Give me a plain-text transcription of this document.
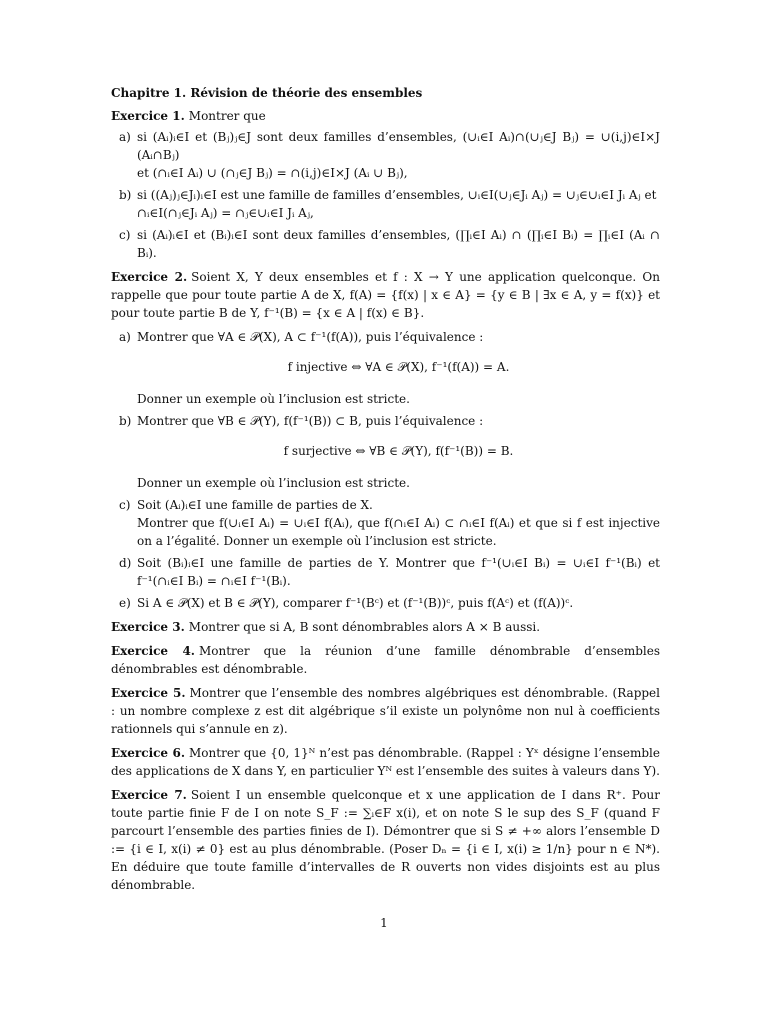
Chapitre 1. Révision de théorie des ensembles

Exercice 1. Montrer que

a) si (Aᵢ)ᵢ∈I et (Bⱼ)ⱼ∈J sont deux familles d’ensembles, (∪ᵢ∈I Aᵢ)∩(∪ⱼ∈J Bⱼ) = ∪(i,j)∈I×J (Aᵢ∩Bⱼ)
et (∩ᵢ∈I Aᵢ) ∪ (∩ⱼ∈J Bⱼ) = ∩(i,j)∈I×J (Aᵢ ∪ Bⱼ),
b) si ((Aⱼ)ⱼ∈Jᵢ)ᵢ∈I est une famille de familles d’ensembles, ∪ᵢ∈I(∪ⱼ∈Jᵢ Aⱼ) = ∪ⱼ∈∪ᵢ∈I Jᵢ Aⱼ et
∩ᵢ∈I(∩ⱼ∈Jᵢ Aⱼ) = ∩ⱼ∈∪ᵢ∈I Jᵢ Aⱼ,
c) si (Aᵢ)ᵢ∈I et (Bᵢ)ᵢ∈I sont deux familles d’ensembles, (∏ᵢ∈I Aᵢ) ∩ (∏ᵢ∈I Bᵢ) = ∏ᵢ∈I (Aᵢ ∩ Bᵢ).

Exercice 2. Soient X, Y deux ensembles et f : X → Y une application quelconque. On rappelle que pour toute partie A de X, f(A) = {f(x) | x ∈ A} = {y ∈ B | ∃x ∈ A, y = f(x)} et pour toute partie B de Y, f⁻¹(B) = {x ∈ A | f(x) ∈ B}.

a) Montrer que ∀A ∈ 𝒫(X), A ⊂ f⁻¹(f(A)), puis l’équivalence :

f injective ⇔ ∀A ∈ 𝒫(X), f⁻¹(f(A)) = A.

Donner un exemple où l’inclusion est stricte.

b) Montrer que ∀B ∈ 𝒫(Y), f(f⁻¹(B)) ⊂ B, puis l’équivalence :

f surjective ⇔ ∀B ∈ 𝒫(Y), f(f⁻¹(B)) = B.

Donner un exemple où l’inclusion est stricte.

c) Soit (Aᵢ)ᵢ∈I une famille de parties de X.

Montrer que f(∪ᵢ∈I Aᵢ) = ∪ᵢ∈I f(Aᵢ), que f(∩ᵢ∈I Aᵢ) ⊂ ∩ᵢ∈I f(Aᵢ) et que si f est injective on a l’égalité. Donner un exemple où l’inclusion est stricte.

d) Soit (Bᵢ)ᵢ∈I une famille de parties de Y. Montrer que f⁻¹(∪ᵢ∈I Bᵢ) = ∪ᵢ∈I f⁻¹(Bᵢ) et f⁻¹(∩ᵢ∈I Bᵢ) = ∩ᵢ∈I f⁻¹(Bᵢ).

e) Si A ∈ 𝒫(X) et B ∈ 𝒫(Y), comparer f⁻¹(Bᶜ) et (f⁻¹(B))ᶜ, puis f(Aᶜ) et (f(A))ᶜ.

Exercice 3. Montrer que si A, B sont dénombrables alors A × B aussi.

Exercice 4. Montrer que la réunion d’une famille dénombrable d’ensembles dénombrables est dénombrable.

Exercice 5. Montrer que l’ensemble des nombres algébriques est dénombrable. (Rappel : un nombre complexe z est dit algébrique s’il existe un polynôme non nul à coefficients rationnels qui s’annule en z).

Exercice 6. Montrer que {0, 1}ᴺ n’est pas dénombrable. (Rappel : Yˣ désigne l’ensemble des applications de X dans Y, en particulier Yᴺ est l’ensemble des suites à valeurs dans Y).

Exercice 7. Soient I un ensemble quelconque et x une application de I dans R⁺. Pour toute partie finie F de I on note S_F := ∑ᵢ∈F x(i), et on note S le sup des S_F (quand F parcourt l’ensemble des parties finies de I). Démontrer que si S ≠ +∞ alors l’ensemble D := {i ∈ I, x(i) ≠ 0} est au plus dénombrable. (Poser Dₙ = {i ∈ I, x(i) ≥ 1/n} pour n ∈ N*). En déduire que toute famille d’intervalles de R ouverts non vides disjoints est au plus dénombrable.

1
